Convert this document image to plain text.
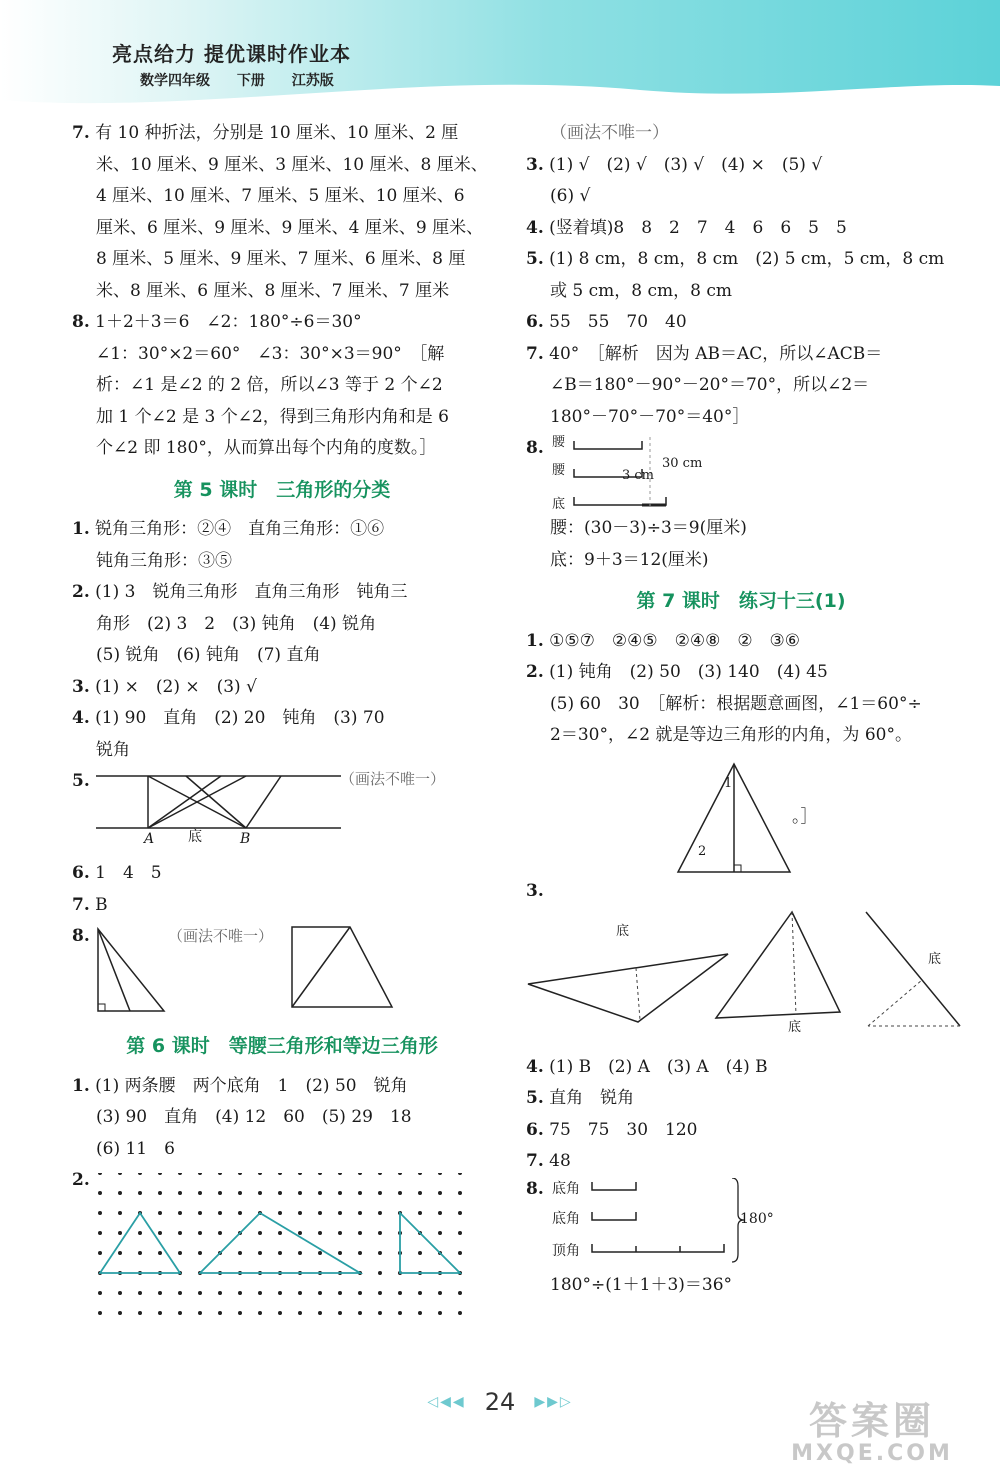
亮点给力 提优课时作业本
数学四年级 下册 江苏版

7. 有 10 种折法，分别是 10 厘米、10 厘米、2 厘

米、10 厘米、9 厘米、3 厘米、10 厘米、8 厘米、

4 厘米、10 厘米、7 厘米、5 厘米、10 厘米、6

厘米、6 厘米、9 厘米、9 厘米、4 厘米、9 厘米、

8 厘米、5 厘米、9 厘米、7 厘米、6 厘米、8 厘

米、8 厘米、6 厘米、8 厘米、7 厘米、7 厘米

8. 1＋2＋3＝6　∠2：180°÷6＝30°

∠1：30°×2＝60°　∠3：30°×3＝90°　［解

析：∠1 是∠2 的 2 倍，所以∠3 等于 2 个∠2

加 1 个∠2 是 3 个∠2，得到三角形内角和是 6

个∠2 即 180°，从而算出每个内角的度数。］

第 5 课时　三角形的分类

1. 锐角三角形：②④　直角三角形：①⑥

钝角三角形：③⑤

2. (1) 3　锐角三角形　直角三角形　钝角三

角形　(2) 3　2　(3) 钝角　(4) 锐角

(5) 锐角　(6) 钝角　(7) 直角

3. (1) ×　(2) ×　(3) √

4. (1) 90　直角　(2) 20　钝角　(3) 70

锐角

5.	（画法不唯一）
A 底	B

6. 1　4　5

7. B

8.	（画法不唯一）

第 6 课时　等腰三角形和等边三角形

1. (1) 两条腰　两个底角　1　(2) 50　锐角

(3) 90　直角　(4) 12　60　(5) 29　18

(6) 11　6

2.

（画法不唯一）

3. (1) √　(2) √　(3) √　(4) ×　(5) √

(6) √

4. (竖着填)8　8　2　7　4　6　6　5　5

5. (1) 8 cm，8 cm，8 cm　(2) 5 cm，5 cm，8 cm

或 5 cm，8 cm，8 cm

6. 55　55　70　40

7. 40°　［解析　因为 AB＝AC，所以∠ACB＝

∠B＝180°－90°－20°＝70°，所以∠2＝

180°－70°－70°＝40°］

8. 腰
腰
底
3 cm
30 cm

腰：(30－3)÷3＝9(厘米)

底：9＋3＝12(厘米)

第 7 课时　练习十三(1)

1. ①⑤⑦　②④⑤　②④⑧　②　③⑥

2. (1) 钝角　(2) 50　(3) 140　(4) 45

(5) 60　30　［解析：根据题意画图，∠1＝60°÷

2＝30°，∠2 就是等边三角形的内角，为 60°。

1
2
。］
3.
底
底
底

4. (1) B　(2) A　(3) A　(4) B

5. 直角　锐角

6. 75　75　30　120

7. 48

8. 底角
底角
顶角
180°

180°÷(1＋1＋3)＝36°

◁◀◀ 24 ▶▶▷	答案圈
MXQE.COM
